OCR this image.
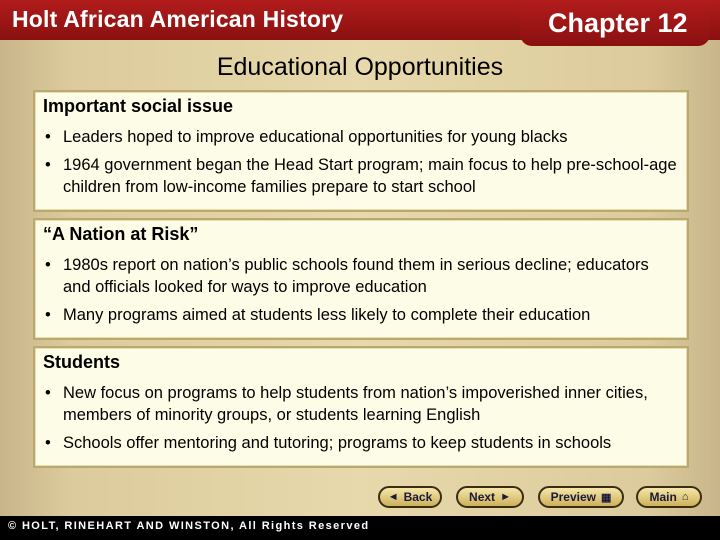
Holt African American History	Chapter 12
Educational Opportunities
Important social issue
• Leaders hoped to improve educational opportunities for young blacks
• 1964 government began the Head Start program; main focus to help pre-school-age children from low-income families prepare to start school
“A Nation at Risk”
• 1980s report on nation’s public schools found them in serious decline; educators and officials looked for ways to improve education
• Many programs aimed at students less likely to complete their education
Students
• New focus on programs to help students from nation’s impoverished inner cities, members of minority groups, or students learning English
• Schools offer mentoring and tutoring; programs to keep students in schools
◄ Back	Next ►	Preview ▦	Main ⌂
© HOLT, RINEHART AND WINSTON, All Rights Reserved
